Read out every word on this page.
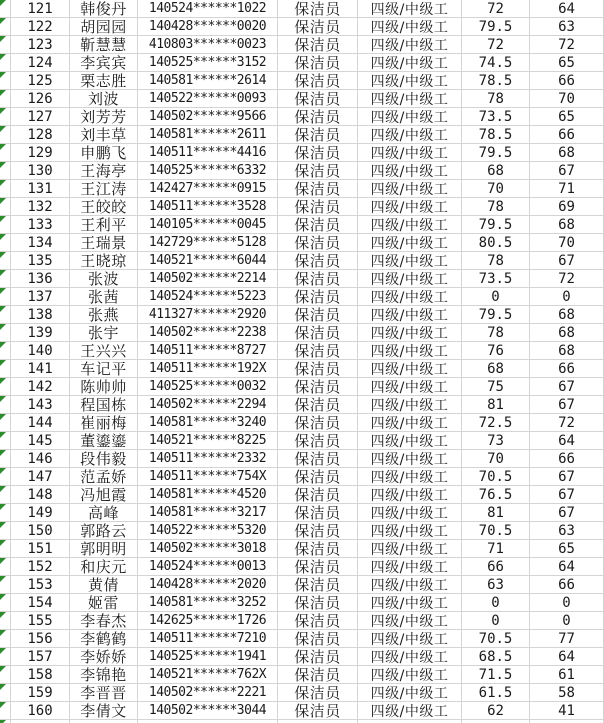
121	韩俊丹	140524******1022	保洁员	四级/中级工	72	64
122	胡园园	140428******0020	保洁员	四级/中级工	79.5	63
123	靳慧慧	410803******0023	保洁员	四级/中级工	72	72
124	李宾宾	140525******3152	保洁员	四级/中级工	74.5	65
125	栗志胜	140581******2614	保洁员	四级/中级工	78.5	66
126	刘波	140522******0093	保洁员	四级/中级工	78	70
127	刘芳芳	140502******9566	保洁员	四级/中级工	73.5	65
128	刘丰草	140581******2611	保洁员	四级/中级工	78.5	66
129	申鹏飞	140511******4416	保洁员	四级/中级工	79.5	68
130	王海亭	140525******6332	保洁员	四级/中级工	68	67
131	王江涛	142427******0915	保洁员	四级/中级工	70	71
132	王皎皎	140511******3528	保洁员	四级/中级工	78	69
133	王利平	140105******0045	保洁员	四级/中级工	79.5	68
134	王瑞景	142729******5128	保洁员	四级/中级工	80.5	70
135	王晓琼	140521******6044	保洁员	四级/中级工	78	67
136	张波	140502******2214	保洁员	四级/中级工	73.5	72
137	张茜	140524******5223	保洁员	四级/中级工	0	0
138	张燕	411327******2920	保洁员	四级/中级工	79.5	68
139	张宇	140502******2238	保洁员	四级/中级工	78	68
140	王兴兴	140511******8727	保洁员	四级/中级工	76	68
141	车记平	140511******192X	保洁员	四级/中级工	68	66
142	陈帅帅	140525******0032	保洁员	四级/中级工	75	67
143	程国栋	140502******2294	保洁员	四级/中级工	81	67
144	崔丽梅	140581******3240	保洁员	四级/中级工	72.5	72
145	董鎏鎏	140521******8225	保洁员	四级/中级工	73	64
146	段伟毅	140511******2332	保洁员	四级/中级工	70	66
147	范孟娇	140511******754X	保洁员	四级/中级工	70.5	67
148	冯旭霞	140581******4520	保洁员	四级/中级工	76.5	67
149	高峰	140581******3217	保洁员	四级/中级工	81	67
150	郭路云	140522******5320	保洁员	四级/中级工	70.5	63
151	郭明明	140502******3018	保洁员	四级/中级工	71	65
152	和庆元	140524******0013	保洁员	四级/中级工	66	64
153	黄倩	140428******2020	保洁员	四级/中级工	63	66
154	姬雷	140581******3252	保洁员	四级/中级工	0	0
155	李春杰	142625******1726	保洁员	四级/中级工	0	0
156	李鹤鹤	140511******7210	保洁员	四级/中级工	70.5	77
157	李娇娇	140525******1941	保洁员	四级/中级工	68.5	64
158	李锦艳	140521******762X	保洁员	四级/中级工	71.5	61
159	李晋晋	140502******2221	保洁员	四级/中级工	61.5	58
160	李倩文	140502******3044	保洁员	四级/中级工	62	41
